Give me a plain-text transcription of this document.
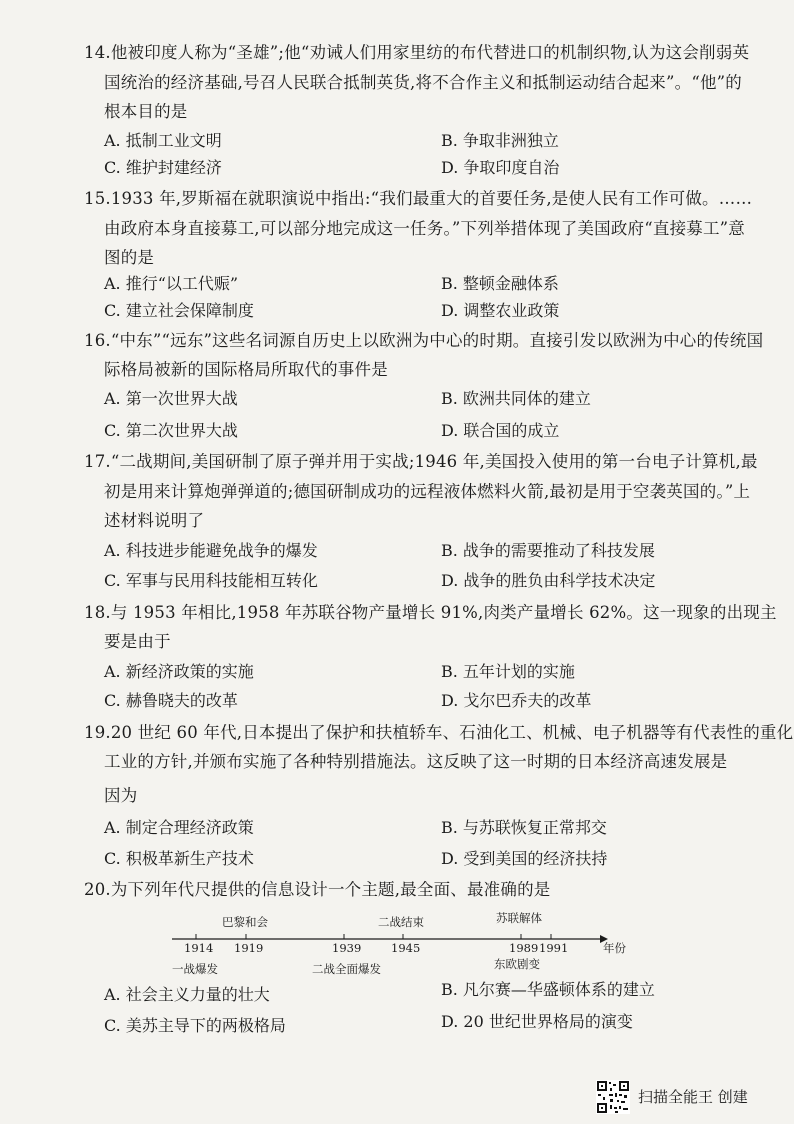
14.他被印度人称为“圣雄”;他“劝诫人们用家里纺的布代替进口的机制织物,认为这会削弱英
国统治的经济基础,号召人民联合抵制英货,将不合作主义和抵制运动结合起来”。“他”的
根本目的是
A. 抵制工业文明	B. 争取非洲独立
C. 维护封建经济	D. 争取印度自治
15.1933 年,罗斯福在就职演说中指出:“我们最重大的首要任务,是使人民有工作可做。……
由政府本身直接募工,可以部分地完成这一任务。”下列举措体现了美国政府“直接募工”意
图的是
A. 推行“以工代赈”	B. 整顿金融体系
C. 建立社会保障制度	D. 调整农业政策
16.“中东”“远东”这些名词源自历史上以欧洲为中心的时期。直接引发以欧洲为中心的传统国
际格局被新的国际格局所取代的事件是
A. 第一次世界大战	B. 欧洲共同体的建立
C. 第二次世界大战	D. 联合国的成立
17.“二战期间,美国研制了原子弹并用于实战;1946 年,美国投入使用的第一台电子计算机,最
初是用来计算炮弹弹道的;德国研制成功的远程液体燃料火箭,最初是用于空袭英国的。”上
述材料说明了
A. 科技进步能避免战争的爆发	B. 战争的需要推动了科技发展
C. 军事与民用科技能相互转化	D. 战争的胜负由科学技术决定
18.与 1953 年相比,1958 年苏联谷物产量增长 91%,肉类产量增长 62%。这一现象的出现主
要是由于
A. 新经济政策的实施	B. 五年计划的实施
C. 赫鲁晓夫的改革	D. 戈尔巴乔夫的改革
19.20 世纪 60 年代,日本提出了保护和扶植轿车、石油化工、机械、电子机器等有代表性的重化
工业的方针,并颁布实施了各种特别措施法。这反映了这一时期的日本经济高速发展是
因为
A. 制定合理经济政策	B. 与苏联恢复正常邦交
C. 积极革新生产技术	D. 受到美国的经济扶持
20.为下列年代尺提供的信息设计一个主题,最全面、最准确的是
1914 1919	1939	1945	1989 1991	年份
巴黎和会	二战结束	苏联解体
一战爆发	二战全面爆发	东欧剧变
A. 社会主义力量的壮大	B. 凡尔赛—华盛顿体系的建立
C. 美苏主导下的两极格局	D. 20 世纪世界格局的演变
扫描全能王 创建
